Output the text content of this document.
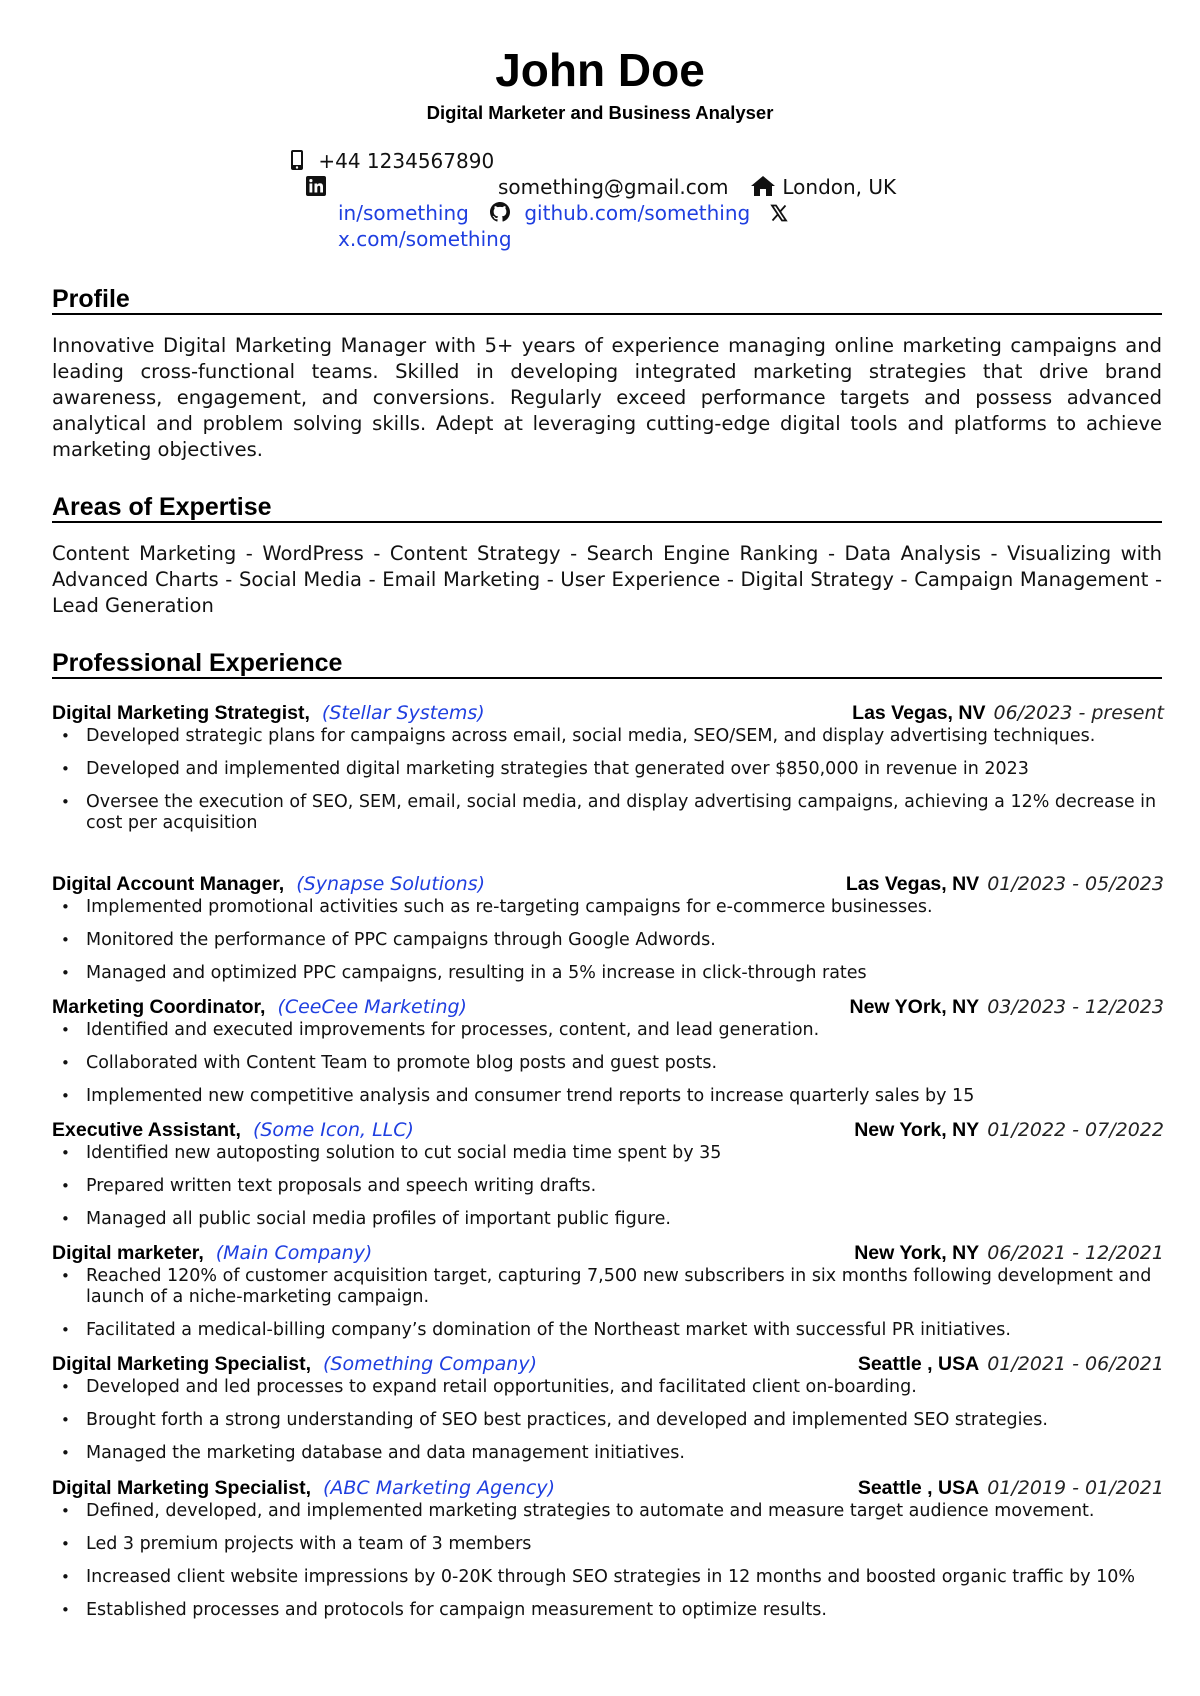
John Doe
Digital Marketer and Business Analyser
+44 1234567890
something@gmail.com	London, UK
in/something	github.com/something
x.com/something
Profile
Innovative Digital Marketing Manager with 5+ years of experience managing online marketing campaigns and leading cross-functional teams. Skilled in developing integrated marketing strategies that drive brand awareness, engagement, and conversions. Regularly exceed performance targets and possess advanced analytical and problem solving skills. Adept at leveraging cutting-edge digital tools and platforms to achieve marketing objectives.
Areas of Expertise
Content Marketing - WordPress - Content Strategy - Search Engine Ranking - Data Analysis - Visualizing with Advanced Charts - Social Media - Email Marketing - User Experience - Digital Strategy - Campaign Management - Lead Generation
Professional Experience
Digital Marketing Strategist, (Stellar Systems)	Las Vegas, NV 06/2023 - present
• Developed strategic plans for campaigns across email, social media, SEO/SEM, and display advertising techniques.
• Developed and implemented digital marketing strategies that generated over $850,000 in revenue in 2023
• Oversee the execution of SEO, SEM, email, social media, and display advertising campaigns, achieving a 12% decrease in cost per acquisition
Digital Account Manager, (Synapse Solutions)	Las Vegas, NV 01/2023 - 05/2023
• Implemented promotional activities such as re-targeting campaigns for e-commerce businesses.
• Monitored the performance of PPC campaigns through Google Adwords.
• Managed and optimized PPC campaigns, resulting in a 5% increase in click-through rates
Marketing Coordinator, (CeeCee Marketing)	New YOrk, NY 03/2023 - 12/2023
• Identified and executed improvements for processes, content, and lead generation.
• Collaborated with Content Team to promote blog posts and guest posts.
• Implemented new competitive analysis and consumer trend reports to increase quarterly sales by 15
Executive Assistant, (Some Icon, LLC)	New York, NY 01/2022 - 07/2022
• Identified new autoposting solution to cut social media time spent by 35
• Prepared written text proposals and speech writing drafts.
• Managed all public social media profiles of important public figure.
Digital marketer, (Main Company)	New York, NY 06/2021 - 12/2021
• Reached 120% of customer acquisition target, capturing 7,500 new subscribers in six months following development and launch of a niche-marketing campaign.
• Facilitated a medical-billing company’s domination of the Northeast market with successful PR initiatives.
Digital Marketing Specialist, (Something Company)	Seattle , USA 01/2021 - 06/2021
• Developed and led processes to expand retail opportunities, and facilitated client on-boarding.
• Brought forth a strong understanding of SEO best practices, and developed and implemented SEO strategies.
• Managed the marketing database and data management initiatives.
Digital Marketing Specialist, (ABC Marketing Agency)	Seattle , USA 01/2019 - 01/2021
• Defined, developed, and implemented marketing strategies to automate and measure target audience movement.
• Led 3 premium projects with a team of 3 members
• Increased client website impressions by 0-20K through SEO strategies in 12 months and boosted organic traffic by 10%
• Established processes and protocols for campaign measurement to optimize results.
